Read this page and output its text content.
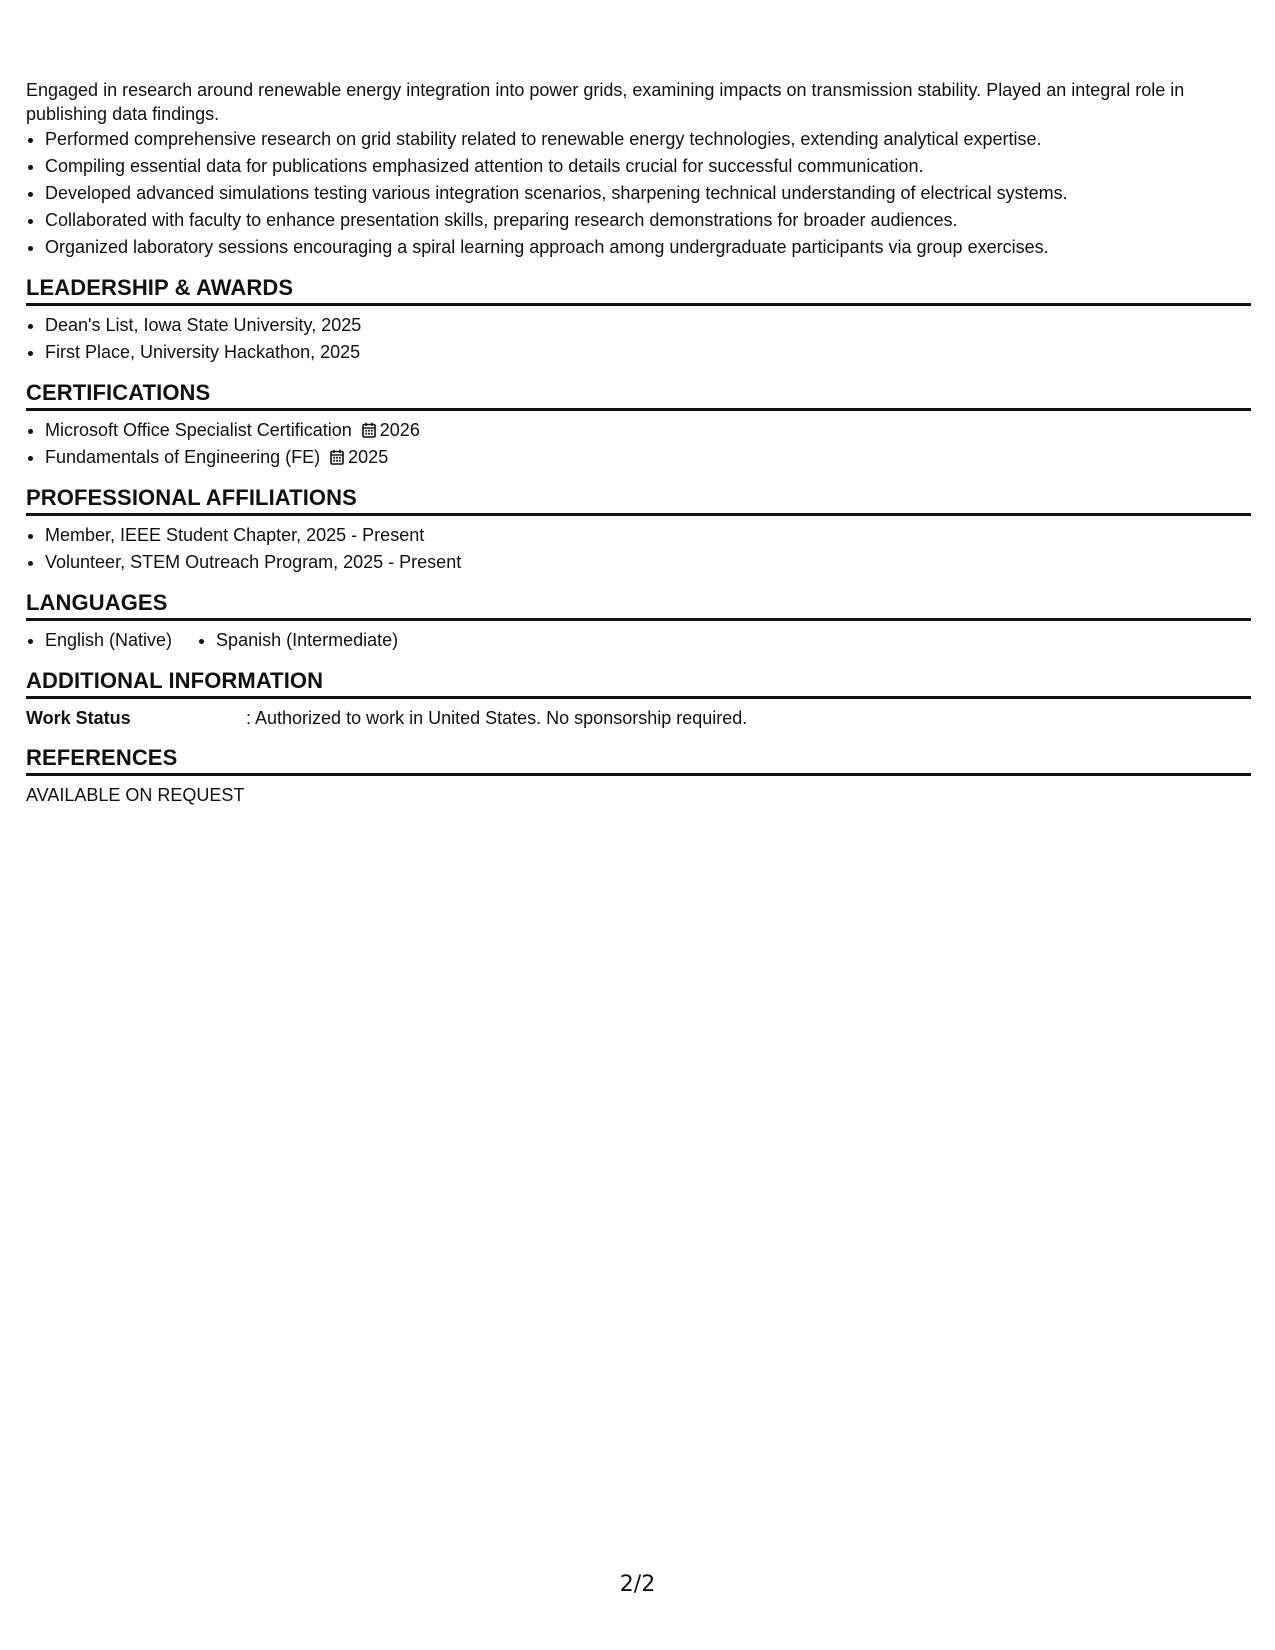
Engaged in research around renewable energy integration into power grids, examining impacts on transmission stability. Played an integral role in publishing data findings.

• Performed comprehensive research on grid stability related to renewable energy technologies, extending analytical expertise.
• Compiling essential data for publications emphasized attention to details crucial for successful communication.
• Developed advanced simulations testing various integration scenarios, sharpening technical understanding of electrical systems.
• Collaborated with faculty to enhance presentation skills, preparing research demonstrations for broader audiences.
• Organized laboratory sessions encouraging a spiral learning approach among undergraduate participants via group exercises.
LEADERSHIP & AWARDS
• Dean's List, Iowa State University, 2025
• First Place, University Hackathon, 2025
CERTIFICATIONS
• Microsoft Office Specialist Certification 2026
• Fundamentals of Engineering (FE) 2025
PROFESSIONAL AFFILIATIONS
• Member, IEEE Student Chapter, 2025 - Present
• Volunteer, STEM Outreach Program, 2025 - Present
LANGUAGES
• English (Native)
• Spanish (Intermediate)
ADDITIONAL INFORMATION
Work Status	: Authorized to work in United States. No sponsorship required.
REFERENCES

AVAILABLE ON REQUEST

2/2
